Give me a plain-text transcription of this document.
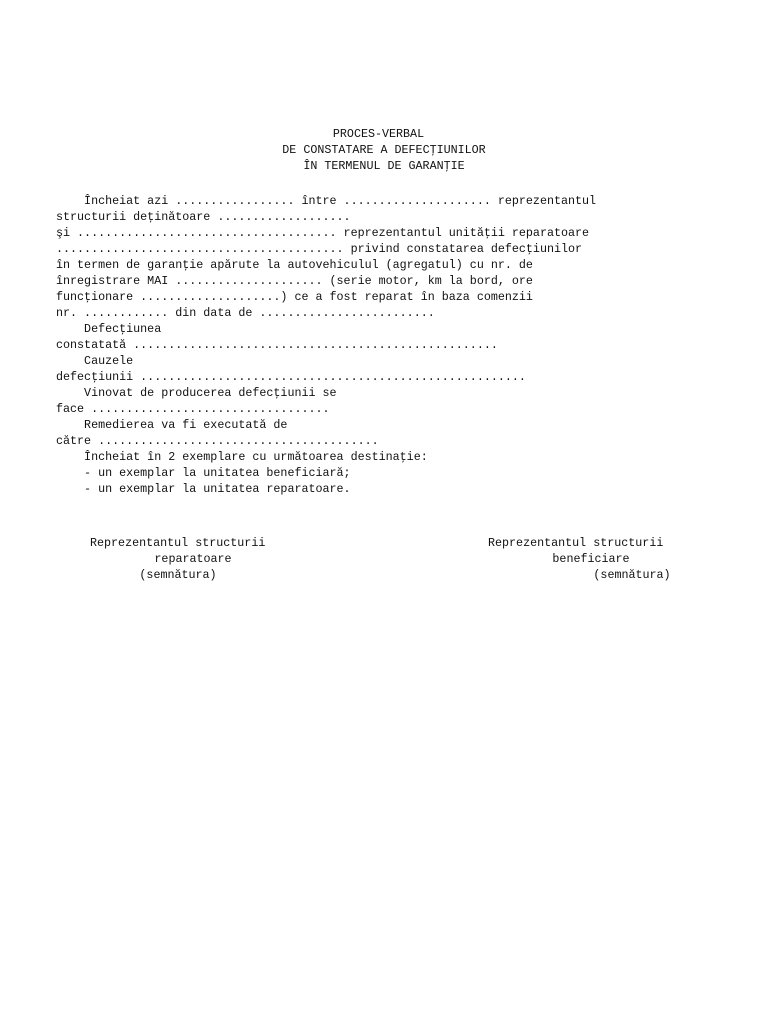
PROCES-VERBAL
DE CONSTATARE A DEFECŢIUNILOR
ÎN TERMENUL DE GARANŢIE
Încheiat azi ................. între ..................... reprezentantul
structurii deţinătoare ...................
şi ..................................... reprezentantul unităţii reparatoare
......................................... privind constatarea defecţiunilor
în termen de garanţie apărute la autovehiculul (agregatul) cu nr. de
înregistrare MAI ..................... (serie motor, km la bord, ore
funcţionare ....................) ce a fost reparat în baza comenzii
nr. ............ din data de .........................
Defecţiunea
constatată ....................................................
Cauzele
defecţiunii .......................................................
Vinovat de producerea defecţiunii se
face ..................................
Remedierea va fi executată de
către ........................................
Încheiat în 2 exemplare cu următoarea destinaţie:
- un exemplar la unitatea beneficiară;
- un exemplar la unitatea reparatoare.
Reprezentantul structurii
reparatoare
(semnătura)
Reprezentantul structurii
beneficiare
(semnătura)
